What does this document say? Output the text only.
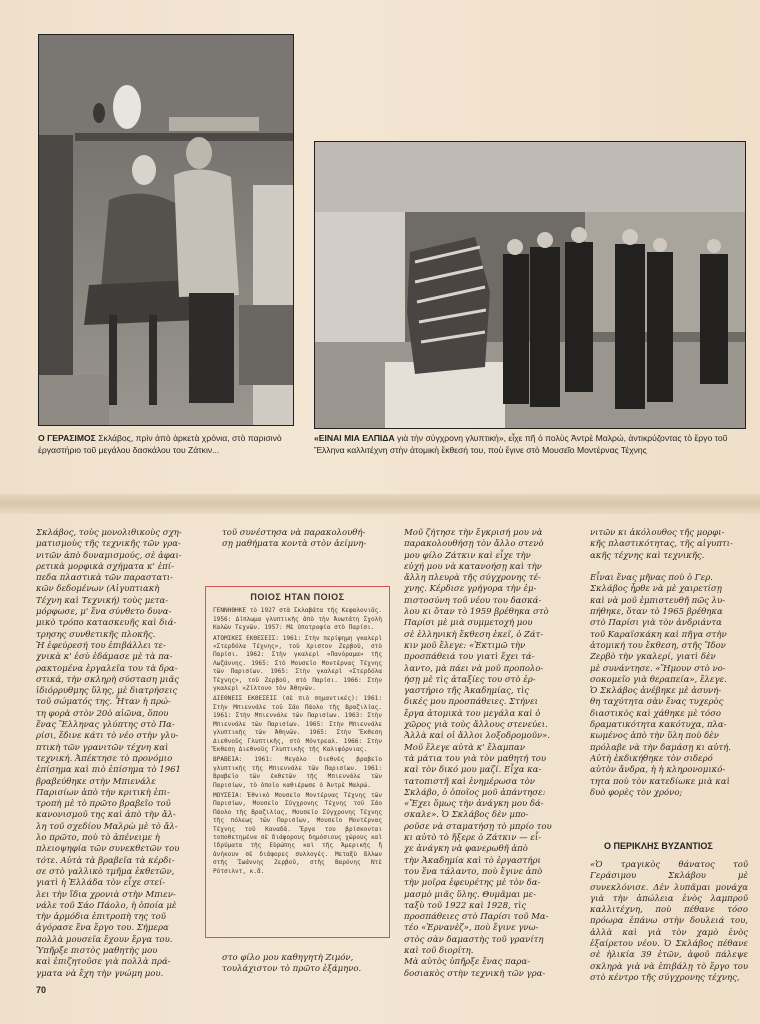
Ο ΓΕΡΑΣΙΜΟΣ Σκλάβος, πρὶν ἀπὸ ἀρκετὰ χρόνια, στὸ παρισινὸ ἐργαστήριο τοῦ μεγάλου δασκάλου του Ζάτκιν...
«ΕΙΝΑΙ ΜΙΑ ΕΛΠΙΔΑ γιὰ τὴν σύγχρονη γλυπτική», εἶχε πῆ ὁ πολὺς Ἀντρὲ Μαλρώ, ἀντικρύζοντας τὸ ἔργο τοῦ Ἕλληνα καλλιτέχνη στὴν ἀτομικὴ ἔκθεσή του, ποὺ ἔγινε στὸ Μουσεῖο Μοντέρνας Τέχνης
Σκλάβος, τοὺς μονολιθικοὺς σχη-
ματισμοὺς τῆς τεχνικῆς τῶν γρα-
νιτῶν ἀπὸ δυναμισμούς, σὲ ἀφαι-
ρετικὰ μορφικὰ σχήματα κ' ἐπί-
πεδα πλαστικὰ τῶν παραστατι-
κῶν δεδομένων (Αἰγυπτιακὴ
Τέχνη καὶ Τεχνική) τοὺς μετα-
μόρφωσε, μ' ἕνα σύνθετο δυνα-
μικὸ τρόπο κατασκευῆς καὶ διά-
τρησης συνθετικῆς πλοκῆς.
Ἡ ἐφεύρεσή του ἐπιβάλλει τε-
χνικὰ κ' ἐσὺ ἐδάμασε μὲ τὰ πα-
ρακτομένα ἐργαλεῖα του τὰ δρα-
στικά, τὴν σκληρὴ σύσταση μιᾶς
ἰδιόρρυθμης ὕλης, μὲ διατρήσεις
τοῦ σώματός της. Ἦταν ἡ πρώ-
τη φορὰ στὸν 20ὸ αἰῶνα, ὅπου
ἕνας Ἕλληνας γλύπτης στὸ Πα-
ρίσι, ἔδινε κάτι τὸ νέο στὴν γλυ-
πτικὴ τῶν γρανιτῶν τέχνη καὶ
τεχνική. Ἀπέκτησε τὸ προνόμιο
ἐπίσημα καὶ πιὸ ἐπίσημα τὸ 1961
βραβεύθηκε στὴν Μπιενάλε
Παρισίων ἀπὸ τὴν κριτικὴ ἐπι-
τροπὴ μὲ τὸ πρῶτο βραβεῖο τοῦ
κανονισμοῦ της καὶ ἀπὸ τὴν ἄλ-
λη τοῦ σχεδίου Μαλρὼ μὲ τὸ ἄλ-
λο πρῶτο, ποὺ τὸ ἀπένειμε ἡ
πλειοψηφία τῶν συνεκθετῶν του
τότε. Αὐτὰ τὰ βραβεῖα τὰ κέρδι-
σε στὸ γαλλικὸ τμῆμα ἐκθετῶν,
γιατὶ ἡ Ἑλλάδα τὸν εἶχε στεί-
λει τὴν ἴδια χρονιὰ στὴν Μπιεν-
νάλε τοῦ Σάο Πάολο, ἡ ὁποία μὲ
τὴν ἁρμόδια ἐπιτροπὴ της τοῦ
ἀγόρασε ἕνα ἔργο του. Σήμερα
πολλὰ μουσεῖα ἔχουν ἔργα του.
Ὑπῆρξε πιστὸς μαθητὴς μου
καὶ ἐπιζητοῦσε γιὰ πολλὰ πρά-
γματα νὰ ἔχη τὴν γνώμη μου.

τοῦ συνέστησα νὰ παρακολουθή-
σῃ μαθήματα κοντὰ στὸν ἀείμνη-
ΠΟΙΟΣ ΗΤΑΝ ΠΟΙΟΣ

ΓΕΝΝΗΘΗΚΕ τὸ 1927 στὰ Σκλαβάτα τῆς Κεφαλονιᾶς. 1956: Δίπλωμα γλυπτικῆς ἀπὸ τὴν Ἀνωτάτη Σχολὴ Καλῶν Τεχνῶν. 1957: Μὲ ὑποτροφία στὸ Παρίσι.

ΑΤΟΜΙΚΕΣ ΕΚΘΕΣΕΙΣ: 1961: Στὴν περίφημη γκαλερὶ «Στερδόλα Τέχνης», τοῦ Χριστον Ζερβοῦ, στὸ Παρίσι. 1962: Στὴν γκαλερὶ «Πανόραμα» τῆς Λωζάννης. 1965: Στὸ Μουσεῖο Μοντέρνας Τέχνης τῶν Παρισίων. 1965: Στὴν γκαλερὶ «Στερδόλα Τέχνης», τοῦ Ζερβοῦ, στὸ Παρίσι. 1966: Στὴν γκαλερὶ «Ζίλτονο τὸν Ἀθηνῶν.

ΔΙΕΘΝΕΙΣ ΕΚΘΕΣΕΙΣ (σὲ πιὸ σημαντικές): 1961: Στὴν Μπιεννάλε τοῦ Σάο Πάολο τῆς Βραζιλίας. 1961: Στὴν Μπιεννάλε τῶν Παρισίων. 1963: Στὴν Μπιεννάλε τῶν Παρισίων. 1965: Στὴν Μπιεννάλε γλυπτικῆς τῶν Ἀθηνῶν. 1965: Στὴν Ἔκθεση Διεθνοῦς Γλυπτικῆς, στὸ Μόντρεαλ. 1966: Στὴν Ἔκθεση Διεθνοῦς Γλυπτικῆς τῆς Καλιφόρνιας.

ΒΡΑΒΕΙΑ: 1961: Μεγάλο διεθνὲς βραβεῖο γλυπτικῆς τῆς Μπιεννάλε τῶν Παρισίων. 1961: Βραβεῖο τῶν ἐκθετῶν τῆς Μπιεννάλε τῶν Παρισίων, τὸ ὁποῖο καθιέρωσε ὁ Ἀντρὲ Μαλρώ.

ΜΟΥΣΕΙΑ: Ἐθνικὸ Μουσεῖο Μοντέρνας Τέχνης τῶν Παρισίων, Μουσεῖο Σύγχρονης Τέχνης τοῦ Σάο Πάολο τῆς Βραζιλίας, Μουσεῖο Σύγχρονης Τέχνης τῆς πόλεως τῶν Παρισίων, Μουσεῖο Μοντέρνας Τέχνης τοῦ Καναδᾶ. Ἔργα του βρίσκονται τοποθετημένα σὲ διάφορους δημόσιους χώρους καὶ ἱδρύματα τῆς Εὐρώπης καὶ τῆς Ἀμερικῆς ἢ ἀνήκουν σὲ διάφορες συλλογές. Μεταξὺ ἄλλων στῆς Ἰωάννης Ζερβοῦ, στῆς Βαρόνης Ντὲ Ρότσιλντ, κ.ἄ.

στο φίλο μου καθηγητὴ Ζιμόν,
τουλάχιστον τὸ πρῶτο ἑξάμηνο.
Μοῦ ζήτησε τὴν ἔγκρισή μου νὰ
παρακολουθήσῃ τὸν ἄλλο στενὸ
μου φίλο Ζάτκιν καὶ εἶχε τὴν
εὐχή μου νὰ κατανοήσῃ καὶ τὴν
ἄλλη πλευρὰ τῆς σύγχρονης τέ-
χνης. Κέρδισε γρήγορα τὴν ἐμ-
πιστοσύνη τοῦ νέου του δασκά-
λου κι ὅταν τὸ 1959 βρέθηκα στὸ
Παρίσι μὲ μιὰ συμμετοχή μου
σὲ ἑλληνικὴ ἔκθεση ἐκεῖ, ὁ Ζάτ-
κιν μοῦ ἔλεγε: «Ἐκτιμῶ τὴν
προσπάθειά του γιατὶ ἔχει τά-
λαντο, μὰ πάει νὰ μοῦ προπολο-
ήσῃ μὲ τὶς ἀταξίες του στὸ ἐρ-
γαστήριο τῆς Ἀκαδημίας, τὶς
δικές μου προσπάθειες. Στήνει
ἔργα ἀτομικὰ του μεγάλα καὶ ὁ
χῶρος γιὰ τοὺς ἄλλους στενεύει.
Ἀλλὰ καὶ οἱ ἄλλοι λοξοδρομοῦν».
Μοῦ ἔλεγε αὐτὰ κ' ἔλαμπαν
τὰ μάτια του γιὰ τὸν μαθητή του
καὶ τὸν δικό μου μαζί. Εἶχα κα-
τατοπιστῆ καὶ ἐνημέρωσα τὸν
Σκλάβο, ὁ ὁποῖος μοῦ ἀπάντησε:
«Ἔχει ὅμως τὴν ἀνάγκη μου δά-
σκαλε». Ὁ Σκλάβος δὲν μπο-
ροῦσε νὰ σταματήσῃ τὸ μπρίο του
κι αὐτὸ τὸ ἤξερε ὁ Ζάτκιν — εἶ-
χε ἀνάγκη νὰ φανερωθῆ ἀπὸ
τὴν Ἀκαδημία καὶ τὸ ἐργαστήρι
του ἕνα τάλαντο, ποὺ ἔγινε ἀπὸ
τὴν μοῖρα ἐφευρέτης μὲ τὸν δα-
μασμὸ μιᾶς ὕλης. Θυμᾶμαι με-
ταξὺ τοῦ 1922 καὶ 1928, τὶς
προσπάθειες στὸ Παρίσι τοῦ Μα-
τέο «Ἐρνανὲζ», ποὺ ἔγινε γνω-
στὸς σὰν δαμαστὴς τοῦ γρανίτη
καὶ τοῦ διορίτη.
Μὰ αὐτὸς ὑπῆρξε ἕνας παρα-
δοσιακὸς στὴν τεχνικὴ τῶν γρα-
νιτῶν κι ἀκόλουθος τῆς μορφι-
κῆς πλαστικότητας, τῆς αἰγυπτι-
ακῆς τέχνης καὶ τεχνικῆς.

Εἶναι ἕνας μῆνας ποὺ ὁ Γερ.
Σκλάβος ἦρθε νὰ μὲ χαιρετίσῃ
καὶ νὰ μοῦ ἐμπιστευθῆ πῶς λυ-
πήθηκε, ὅταν τὸ 1965 βρέθηκα
στὸ Παρίσι γιὰ τὸν ἀνδριάντα
τοῦ Καραϊσκάκη καὶ πῆγα στὴν
ἀτομική του ἔκθεση, στῆς Ἴδον
Ζερβὸ τὴν γκαλερί, γιατὶ δὲν
μὲ συνάντησε. «Ἤμουν στὸ νο-
σοκομεῖο γιὰ θεραπεία», ἔλεγε.
Ὁ Σκλάβος ἀνέβηκε μὲ ἀσυνή-
θη ταχύτητα σὰν ἕνας τυχερὸς
διαστικὸς καὶ χάθηκε μὲ τόσο
δραματικότητα κακότυχα, πλα-
κωμένος ἀπὸ τὴν ὕλη ποὺ δὲν
πρόλαβε νὰ τὴν δαμάσῃ κι αὐτή.
Αὐτὴ ἐκδικήθηκε τὸν σιδερό
αὐτὸν ἄνδρα, ἡ ἡ κληρονομικό-
τητα ποὺ τὸν κατεδίωκε μιὰ καὶ
δυὸ φορὲς τὸν χρόνο;
Ο ΠΕΡΙΚΛΗΣ ΒΥΖΑΝΤΙΟΣ
«Ὁ τραγικὸς θάνατος τοῦ Γεράσιμου Σκλάβου μὲ συνεκλόνισε. Δὲν λυπᾶμαι μονάχα γιὰ τὴν ἀπώλεια ἑνὸς λαμπροῦ καλλιτέχνη, ποὺ πέθανε τόσο πρόωρα ἐπάνω στὴν δουλειά του, ἀλλὰ καὶ γιὰ τὸν χαμὸ ἑνὸς ἐξαίρετου νέου. Ὁ Σκλάβος πέθανε σὲ ἡλικία 39 ἐτῶν, ἀφοῦ πάλεψε σκληρὰ γιὰ νὰ ἐπιβάλῃ τὸ ἔργο του στὸ κέντρο τῆς σύγχρονης τέχνης,
70
